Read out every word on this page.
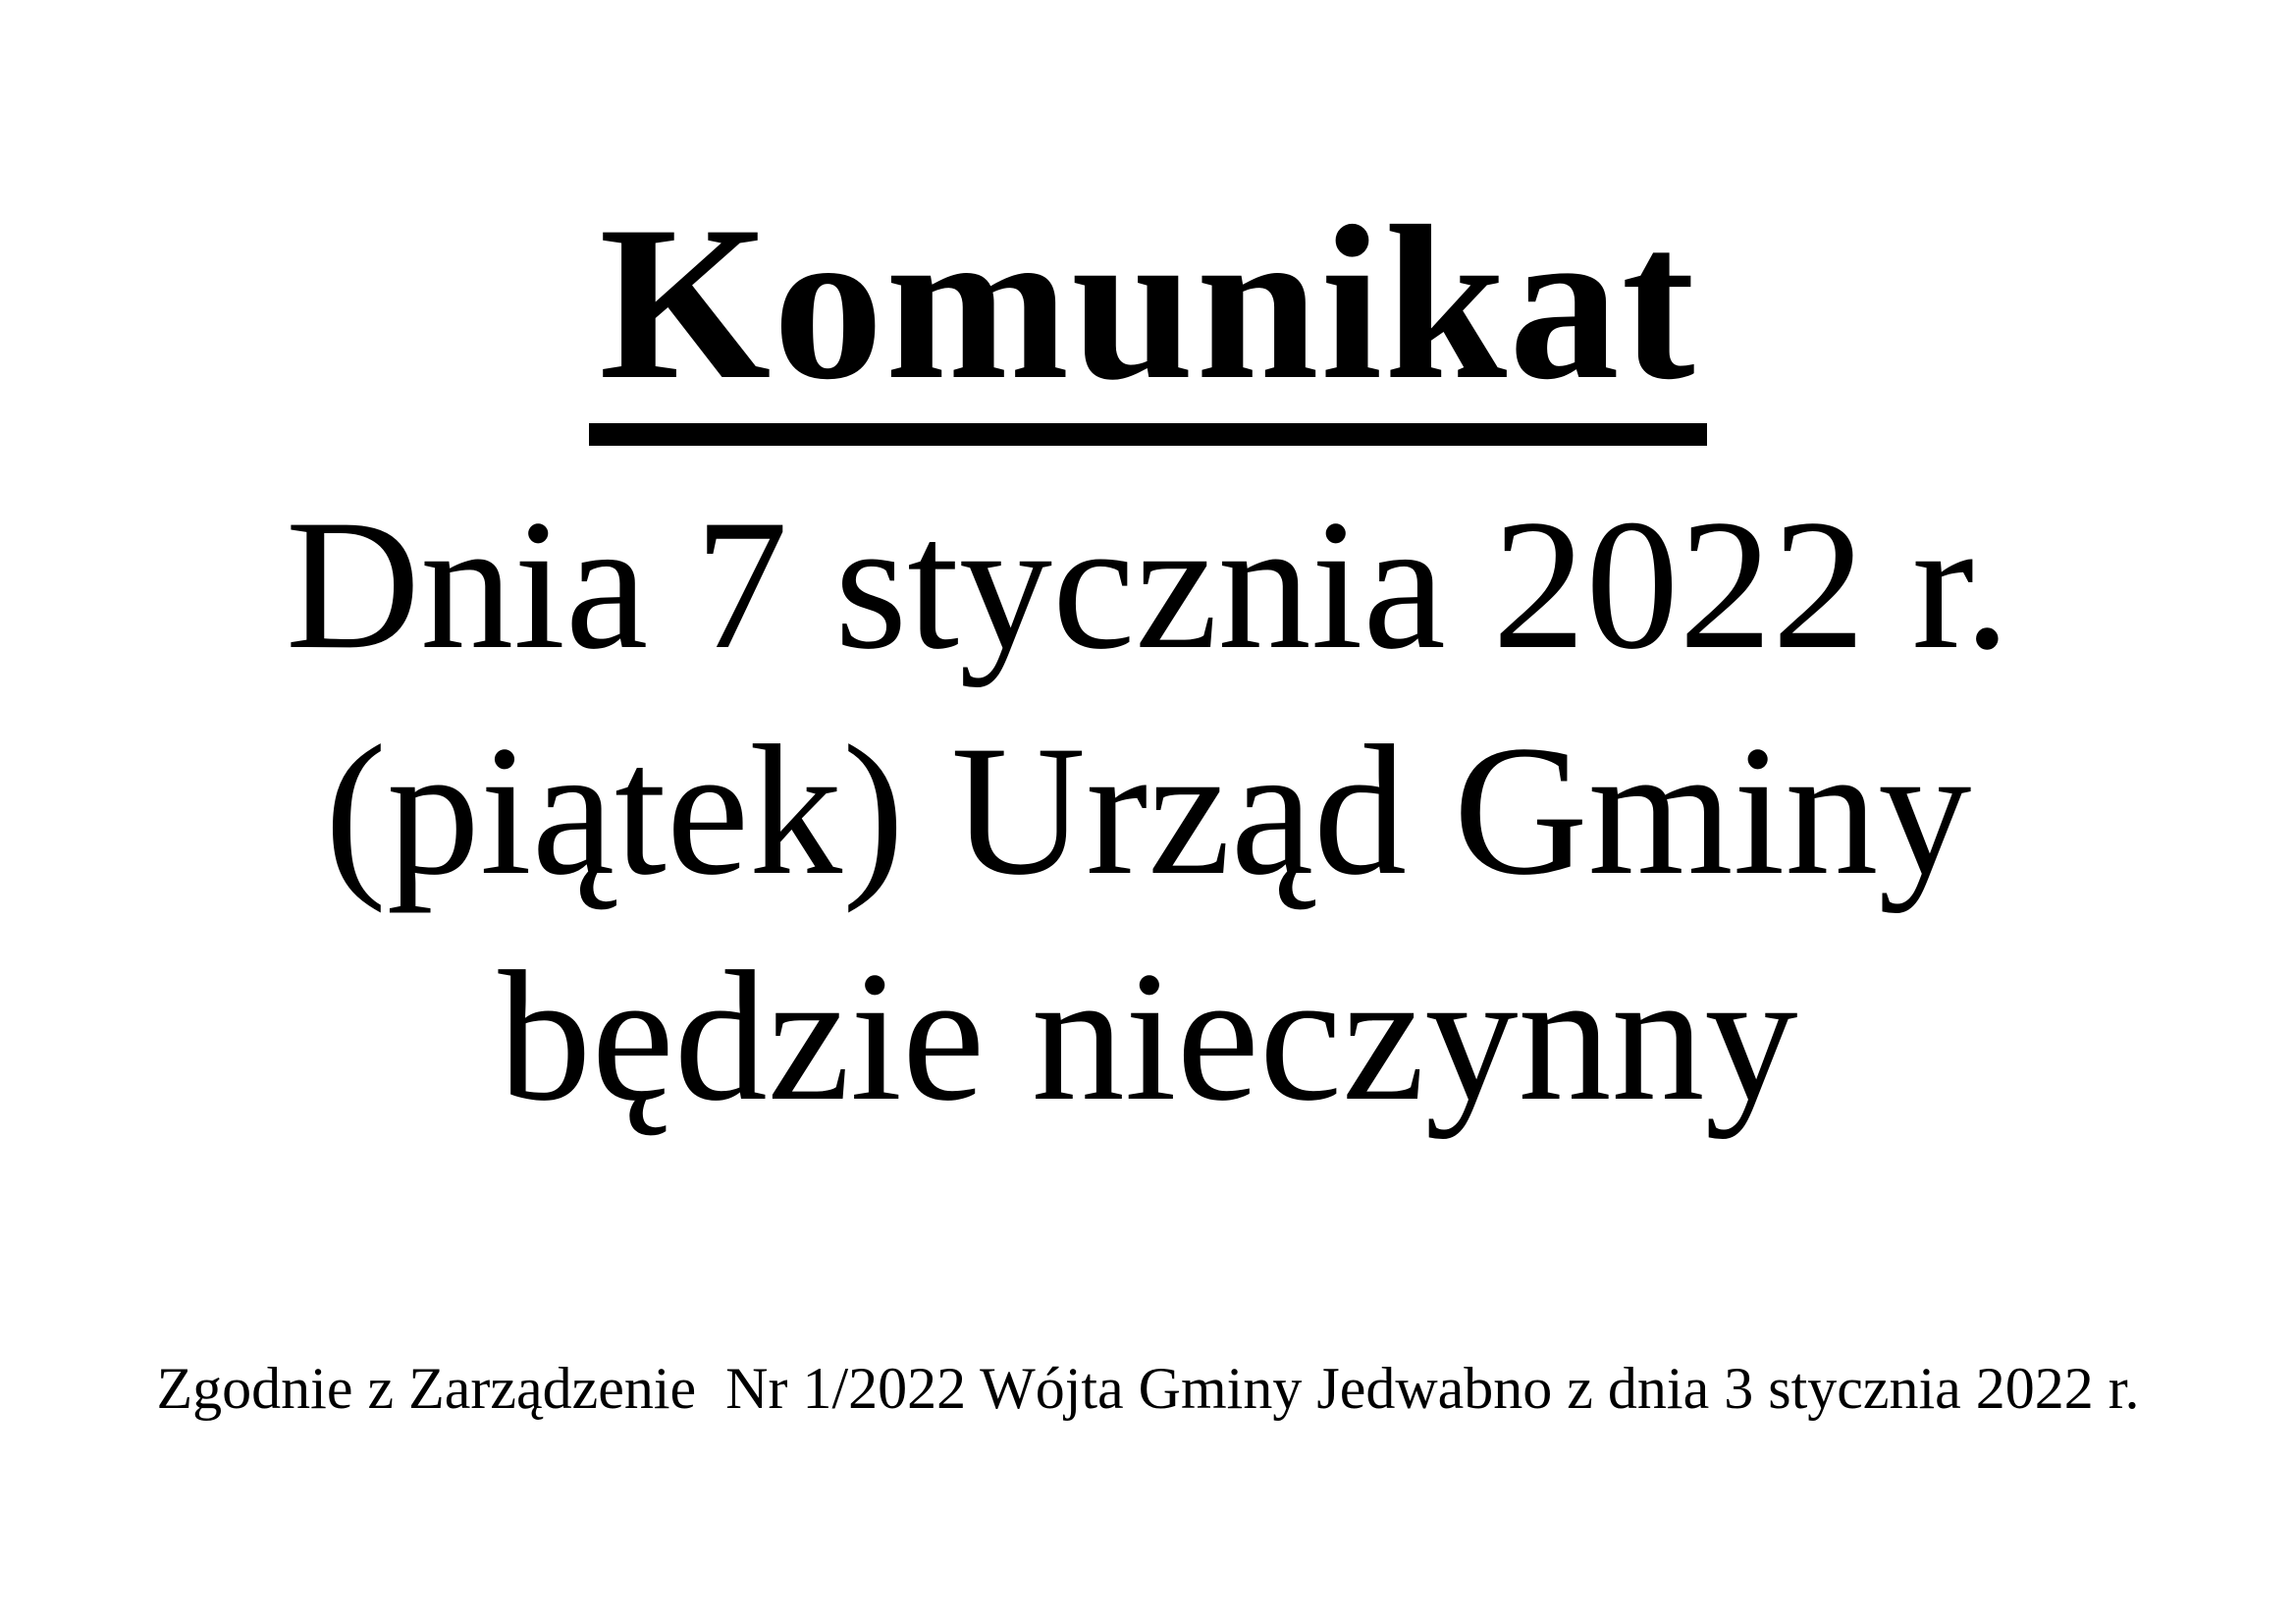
Komunikat
Dnia 7 stycznia 2022 r.
(piątek) Urząd Gminy
będzie nieczynny
Zgodnie z Zarządzenie  Nr 1/2022 Wójta Gminy Jedwabno z dnia 3 stycznia 2022 r.
